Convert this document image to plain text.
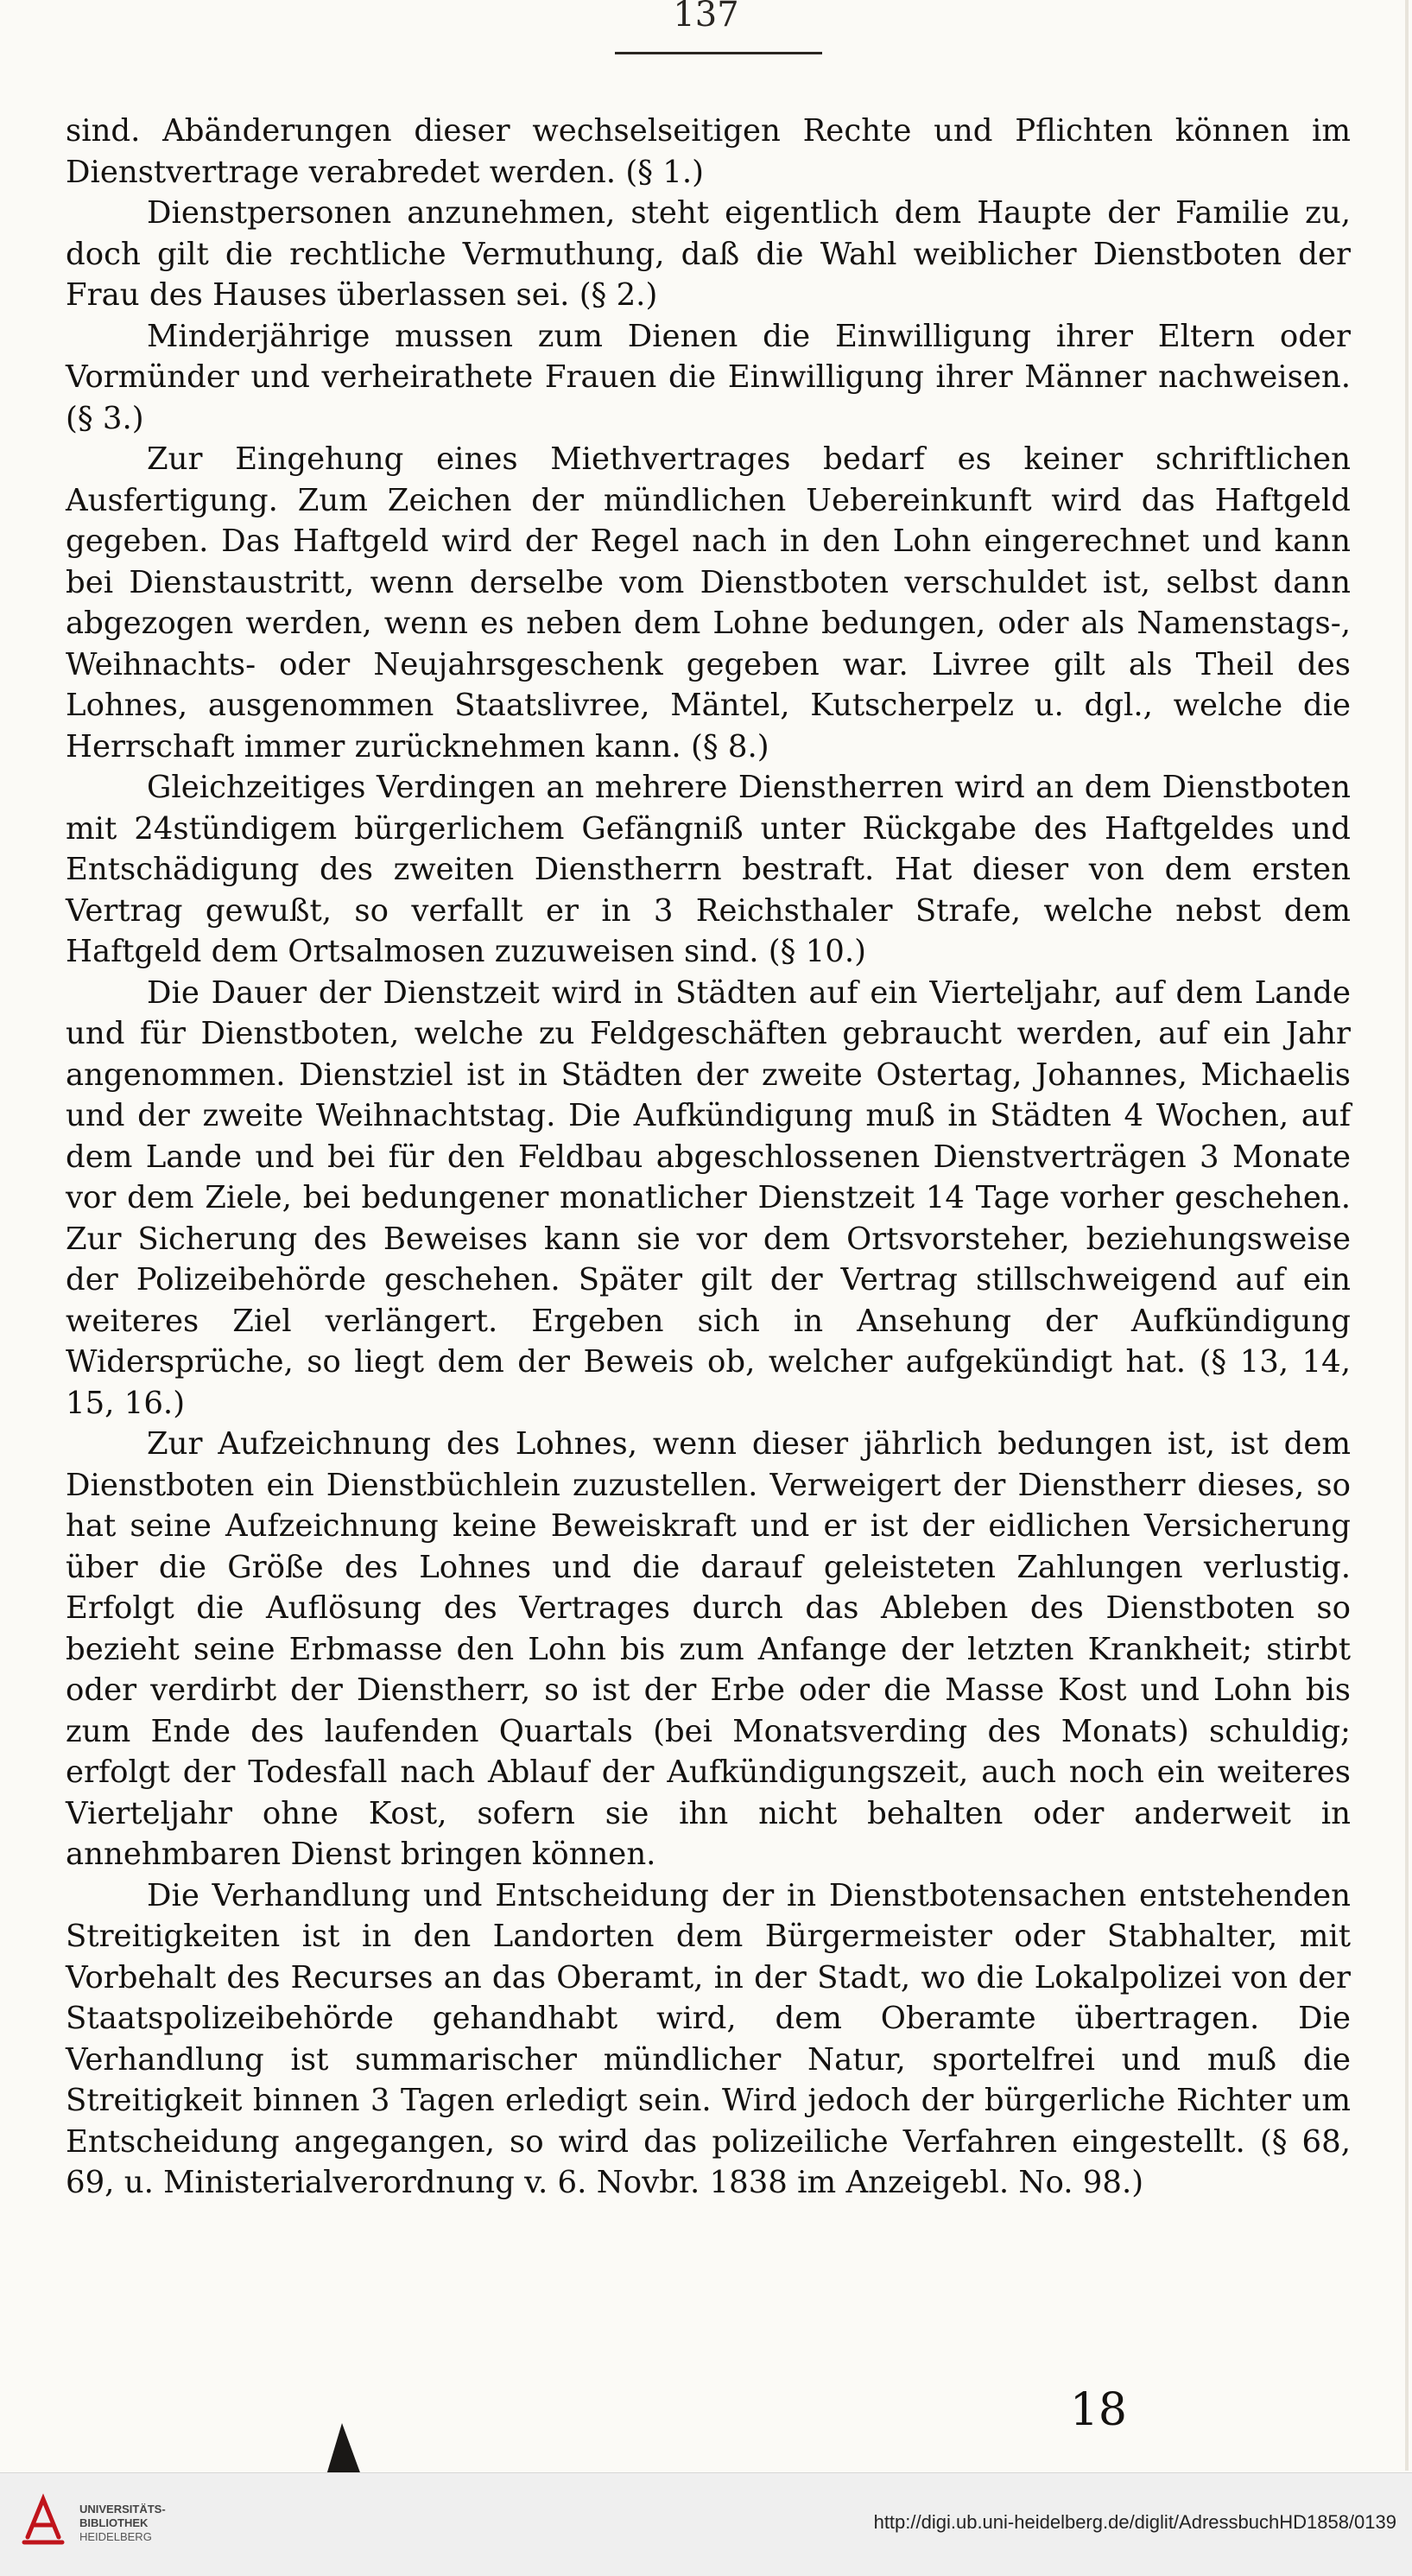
137

sind. Abänderungen dieser wechselseitigen Rechte und Pflichten können im Dienstvertrage verabredet werden. (§ 1.)

Dienstpersonen anzunehmen, steht eigentlich dem Haupte der Familie zu, doch gilt die rechtliche Vermuthung, daß die Wahl weiblicher Dienstboten der Frau des Hauses überlassen sei. (§ 2.)

Minderjährige mussen zum Dienen die Einwilligung ihrer Eltern oder Vormünder und verheirathete Frauen die Einwilligung ihrer Männer nachweisen. (§ 3.)

Zur Eingehung eines Miethvertrages bedarf es keiner schriftlichen Ausfertigung. Zum Zeichen der mündlichen Uebereinkunft wird das Haftgeld gegeben. Das Haftgeld wird der Regel nach in den Lohn eingerechnet und kann bei Dienstaustritt, wenn derselbe vom Dienstboten verschuldet ist, selbst dann abgezogen werden, wenn es neben dem Lohne bedungen, oder als Namenstags-, Weihnachts- oder Neujahrsgeschenk gegeben war. Livree gilt als Theil des Lohnes, ausgenommen Staatslivree, Mäntel, Kutscherpelz u. dgl., welche die Herrschaft immer zurücknehmen kann. (§ 8.)

Gleichzeitiges Verdingen an mehrere Dienstherren wird an dem Dienstboten mit 24stündigem bürgerlichem Gefängniß unter Rückgabe des Haftgeldes und Entschädigung des zweiten Dienstherrn bestraft. Hat dieser von dem ersten Vertrag gewußt, so verfallt er in 3 Reichsthaler Strafe, welche nebst dem Haftgeld dem Ortsalmosen zuzuweisen sind. (§ 10.)

Die Dauer der Dienstzeit wird in Städten auf ein Vierteljahr, auf dem Lande und für Dienstboten, welche zu Feldgeschäften gebraucht werden, auf ein Jahr angenommen. Dienstziel ist in Städten der zweite Ostertag, Johannes, Michaelis und der zweite Weihnachtstag. Die Aufkündigung muß in Städten 4 Wochen, auf dem Lande und bei für den Feldbau abgeschlossenen Dienstverträgen 3 Monate vor dem Ziele, bei bedungener monatlicher Dienstzeit 14 Tage vorher geschehen. Zur Sicherung des Beweises kann sie vor dem Ortsvorsteher, beziehungsweise der Polizeibehörde geschehen. Später gilt der Vertrag stillschweigend auf ein weiteres Ziel verlängert. Ergeben sich in Ansehung der Aufkündigung Widersprüche, so liegt dem der Beweis ob, welcher aufgekündigt hat. (§ 13, 14, 15, 16.)

Zur Aufzeichnung des Lohnes, wenn dieser jährlich bedungen ist, ist dem Dienstboten ein Dienstbüchlein zuzustellen. Verweigert der Dienstherr dieses, so hat seine Aufzeichnung keine Beweiskraft und er ist der eidlichen Versicherung über die Größe des Lohnes und die darauf geleisteten Zahlungen verlustig. Erfolgt die Auflösung des Vertrages durch das Ableben des Dienstboten so bezieht seine Erbmasse den Lohn bis zum Anfange der letzten Krankheit; stirbt oder verdirbt der Dienstherr, so ist der Erbe oder die Masse Kost und Lohn bis zum Ende des laufenden Quartals (bei Monatsverding des Monats) schuldig; erfolgt der Todesfall nach Ablauf der Aufkündigungszeit, auch noch ein weiteres Vierteljahr ohne Kost, sofern sie ihn nicht behalten oder anderweit in annehmbaren Dienst bringen können.

Die Verhandlung und Entscheidung der in Dienstbotensachen entstehenden Streitigkeiten ist in den Landorten dem Bürgermeister oder Stabhalter, mit Vorbehalt des Recurses an das Oberamt, in der Stadt, wo die Lokalpolizei von der Staatspolizeibehörde gehandhabt wird, dem Oberamte übertragen. Die Verhandlung ist summarischer mündlicher Natur, sportelfrei und muß die Streitigkeit binnen 3 Tagen erledigt sein. Wird jedoch der bürgerliche Richter um Entscheidung angegangen, so wird das polizeiliche Verfahren eingestellt. (§ 68, 69, u. Ministerialverordnung v. 6. Novbr. 1838 im Anzeigebl. No. 98.)

18
UNIVERSITÄTS-
BIBLIOTHEK
HEIDELBERG
http://digi.ub.uni-heidelberg.de/diglit/AdressbuchHD1858/0139
